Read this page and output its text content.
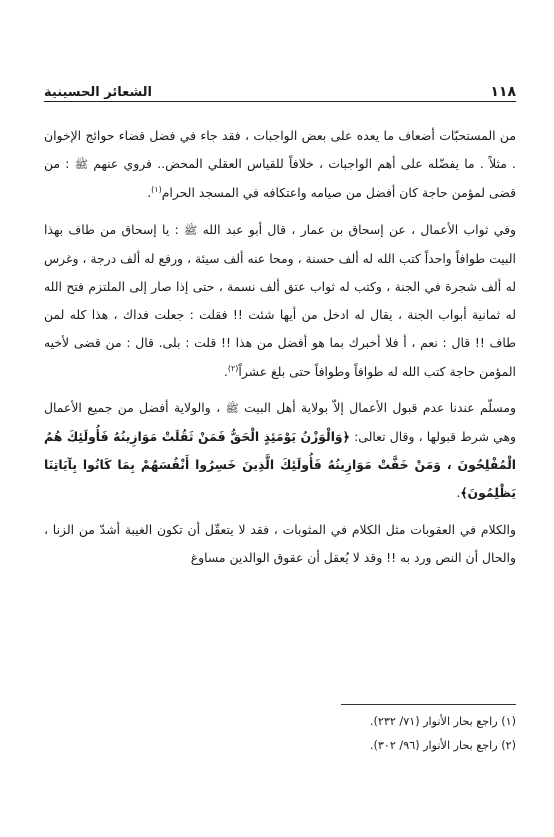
١١٨
الشعائر الحسينية

من المستحبّات أضعاف ما يعده على بعض الواجبات ، فقد جاء في فضل قضاء حوائج الإخوان . مثلاً . ما يفضّله على أهم الواجبات ، خلافاً للقياس العقلي المحض.. فروي عنهم ﷺ : من قضى لمؤمن حاجة كان أفضل من صيامه واعتكافه في المسجد الحرام$^{(١)}$.

وفي ثواب الأعمال ، عن إسحاق بن عمار ، قال أبو عبد الله ﷺ : يا إسحاق من طاف بهذا البيت طوافاً واحداً كتب الله له ألف حسنة ، ومحا عنه ألف سيئة ، ورفع له ألف درجة ، وغرس له ألف شجرة في الجنة ، وكتب له ثواب عتق ألف نسمة ، حتى إذا صار إلى الملتزم فتح الله له ثمانية أبواب الجنة ، يقال له ادخل من أيها شئت !! فقلت : جعلت فداك ، هذا كله لمن طاف !! قال : نعم ، أ فلا أخبرك بما هو أفضل من هذا !! قلت : بلى. قال : من قضى لأخيه المؤمن حاجة كتب الله له طوافاً وطوافاً حتى بلغ عشراً$^{(٢)}$.

ومسلّم عندنا عدم قبول الأعمال إلاّ بولاية أهل البيت ﷺ ، والولاية أفضل من جميع الأعمال وهي شرط قبولها ، وقال تعالى: ﴿وَالْوَزْنُ يَوْمَئِذٍ الْحَقُّ فَمَنْ ثَقُلَتْ مَوَازِينُهُ فَأُولَئِكَ هُمُ الْمُفْلِحُونَ ، وَمَنْ خَفَّتْ مَوَازِينُهُ فَأُولَئِكَ الَّذِينَ خَسِرُوا أَنْفُسَهُمْ بِمَا كَانُوا بِآيَاتِنَا يَظْلِمُونَ﴾.

والكلام في العقوبات مثل الكلام في المثوبات ، فقد لا يتعقّل أن تكون الغيبة أشدّ من الزنا ، والحال أن النص ورد به !! وقد لا يُعقل أن عقوق الوالدين مساوغ

(١) راجع بحار الأنوار (٧١/ ٢٣٢).

(٢) راجع بحار الأنوار (٩٦/ ٣٠٢).
